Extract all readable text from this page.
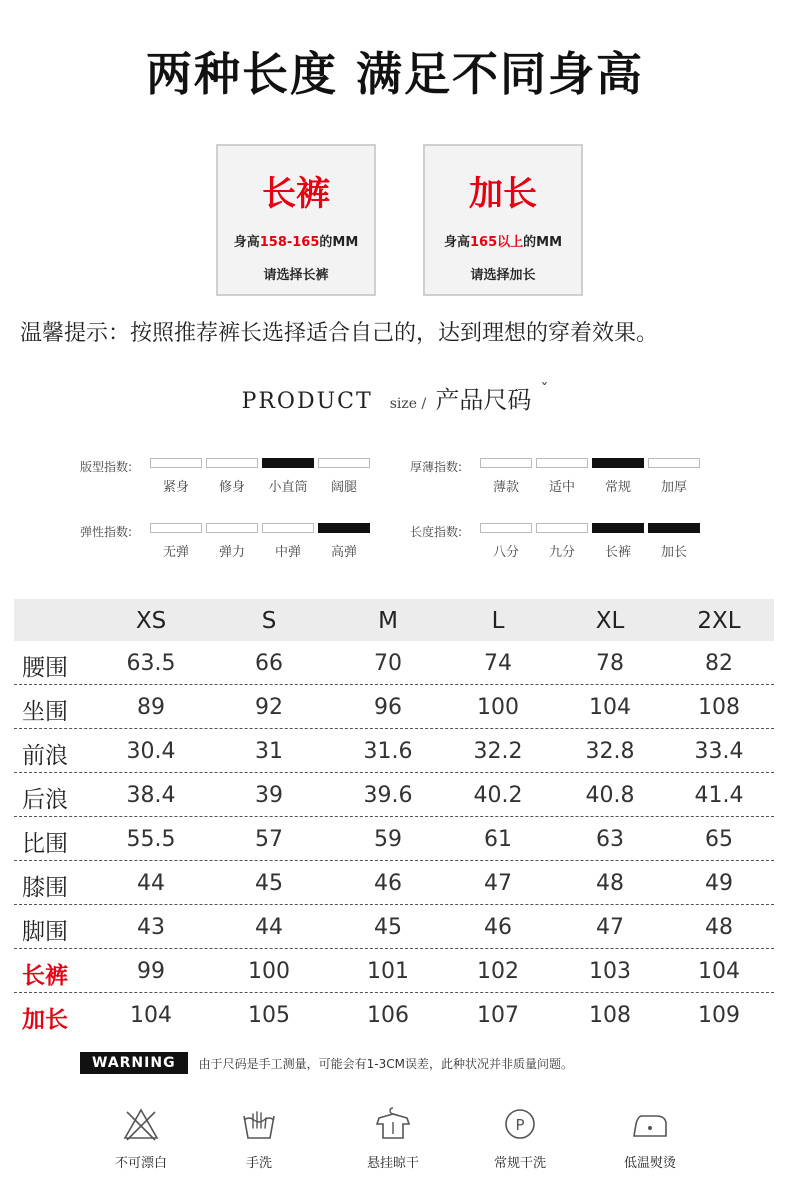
两种长度 满足不同身高
长裤
身高158-165的MM
请选择长裤
加长
身高165以上的MM
请选择加长
温馨提示：按照推荐裤长选择适合自己的，达到理想的穿着效果。
PRODUCT size / 产品尺码 ˇ
版型指数:
紧身	修身	小直筒	阔腿
厚薄指数:
薄款	适中	常规	加厚
弹性指数:
无弹	弹力	中弹	高弹
长度指数:
八分	九分	长裤	加长
XS	S	M	L	XL	2XL
腰围	63.5	66	70	74	78	82
坐围	89	92	96	100	104	108
前浪	30.4	31	31.6	32.2	32.8	33.4
后浪	38.4	39	39.6	40.2	40.8	41.4
比围	55.5	57	59	61	63	65
膝围	44	45	46	47	48	49
脚围	43	44	45	46	47	48
长裤	99	100	101	102	103	104
加长	104	105	106	107	108	109
WARNING 由于尺码是手工测量，可能会有1-3CM误差，此种状况并非质量问题。
不可漂白	手洗	悬挂晾干
P
常规干洗	低温熨烫
